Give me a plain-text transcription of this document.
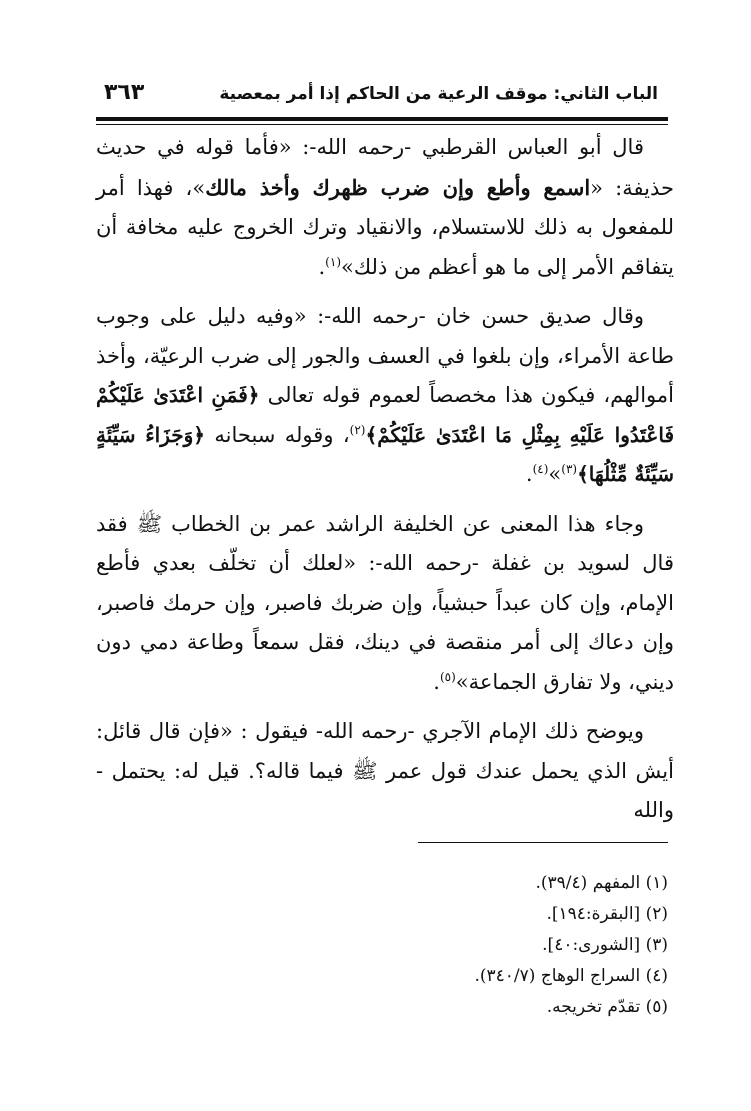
الباب الثاني: موقف الرعية من الحاكم إذا أمر بمعصية
٣٦٣

قال أبو العباس القرطبي -رحمه الله-: «فأما قوله في حديث حذيفة: «اسمع وأطع وإن ضرب ظهرك وأخذ مالك»، فهذا أمر للمفعول به ذلك للاستسلام، والانقياد وترك الخروج عليه مخافة أن يتفاقم الأمر إلى ما هو أعظم من ذلك»$^{(١)}$.

وقال صديق حسن خان -رحمه الله-: «وفيه دليل على وجوب طاعة الأمراء، وإن بلغوا في العسف والجور إلى ضرب الرعيّة، وأخذ أموالهم، فيكون هذا مخصصاً لعموم قوله تعالى ﴿فَمَنِ اعْتَدَىٰ عَلَيْكُمْ فَاعْتَدُوا عَلَيْهِ بِمِثْلِ مَا اعْتَدَىٰ عَلَيْكُمْ﴾$^{(٢)}$، وقوله سبحانه ﴿وَجَزَاءُ سَيِّئَةٍ سَيِّئَةٌ مِّثْلُهَا﴾$^{(٣)}$»$^{(٤)}$.

وجاء هذا المعنى عن الخليفة الراشد عمر بن الخطاب ﷺ فقد قال لسويد بن غفلة -رحمه الله-: «لعلك أن تخلّف بعدي فأطع الإمام، وإن كان عبداً حبشياً، وإن ضربك فاصبر، وإن حرمك فاصبر، وإن دعاك إلى أمر منقصة في دينك، فقل سمعاً وطاعة دمي دون ديني، ولا تفارق الجماعة»$^{(٥)}$.

ويوضح ذلك الإمام الآجري -رحمه الله- فيقول : «فإن قال قائل: أيش الذي يحمل عندك قول عمر ﷺ فيما قاله؟. قيل له: يحتمل - والله

(١) المفهم (٣٩/٤).

(٢) [البقرة:١٩٤].

(٣) [الشورى:٤٠].

(٤) السراج الوهاج (٣٤٠/٧).

(٥) تقدّم تخريجه.
